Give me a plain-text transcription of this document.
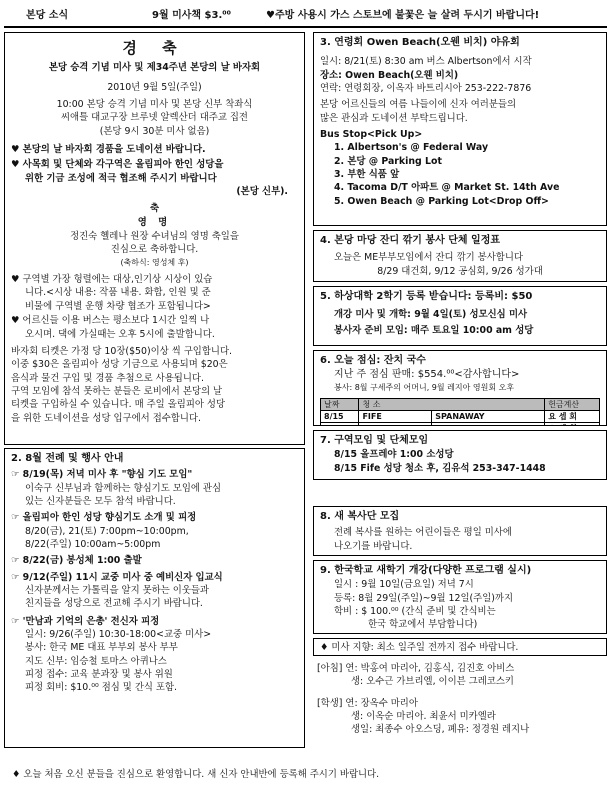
본당 소식	9월 미사책 $3.⁰⁰	♥주방 사용시 가스 스토브에 불꽃은 늘 살려 두시기 바랍니다!
경 축
본당 승격 기념 미사 및 제34주년 본당의 날 바자회
2010년 9월 5일(주일)
10:00 본당 승격 기념 미사 및 본당 신부 착좌식
씨애틀 대교구장 브루넷 알렉산더 대주교 집전
(본당 9시 30분 미사 없음)
♥ 본당의 날 바자회 경품을 도네이션 바랍니다.
♥ 사목회 및 단체와 각구역은 올림피아 한인 성당을
위한 기금 조성에 적극 협조해 주시기 바랍니다
(본당 신부).
축
영 명
정진숙 헬레나 원장 수녀님의 영명 축일을
진심으로 축하합니다.
(축하식: 영성체 후)
♥ 구역별 가장 헝렬에는 대상,인기상 시상이 있습
니다.<시상 내용: 작품 내용. 화합, 인원 및 준
비물에 구역별 운행 차량 협조가 포함됩니다>
♥ 어르신들 이용 버스는 평소보다 1시간 일찍 나
오시며. 댁에 가실때는 오후 5시에 출발합니다.
바자회 티켓은 가정 당 10장($50)이상 씩 구입합니다.
이중 $30은 올림피아 성당 기금으로 사용되며 $20은
음식과 물건 구입 및 경품 추첨으로 사용됩니다.
구역 모임에 참석 못하는 분들은 로비에서 본당의 날
티켓을 구입하실 수 있습니다. 매 주일 올림피아 성당
을 위한 도네이션을 성당 입구에서 접수합니다.
2. 8월 전례 및 행사 안내
☞ 8/19(목) 저녁 미사 후 "향심 기도 모임"
이숙구 신부님과 함께하는 향심기도 모임에 관심
있는 신자분들은 모두 참석 바랍니다.
☞ 올림피아 한인 성당 향심기도 소개 및 피정
8/20(금), 21(토) 7:00pm~10:00pm,
8/22(주일) 10:00am~5:00pm
☞ 8/22(금) 봉성체 1:00 출발
☞ 9/12(주일) 11시 교중 미사 중 예비신자 입교식
신자분께서는 가톨릭을 알지 못하는 이웃들과
친지들을 성당으로 전교해 주시기 바랍니다.
☞ '만남과 기억의 은총' 전신자 피정
일시: 9/26(주일) 10:30-18:00<교중 미사>
봉사: 한국 ME 대표 부부외 봉사 부부
지도 신부: 임승철 토마스 아퀴나스
피정 접수: 교육 분과장 및 봉사 위원
피정 회비: $10.⁰⁰ 점심 및 간식 포함.
3. 연령회 Owen Beach(오웬 비치) 야유회
일시: 8/21(토) 8:30 am 버스 Albertson에서 시작
장소: Owen Beach(오웬 비치)
연락: 연령회장, 이옥자 바트리시아 253-222-7876
본당 어르신들의 여름 나들이에 신자 여러분들의
많은 관심과 도네이션 부탁드립니다.
Bus Stop<Pick Up>
1. Albertson's @ Federal Way
2. 본당 @ Parking Lot
3. 부한 식품 앞
4. Tacoma D/T 아파트 @ Market St. 14th Ave
5. Owen Beach @ Parking Lot<Drop Off>
4. 본당 마당 잔디 깎기 봉사 단체 일정표
오늘은 ME부부모임에서 잔디 깎기 봉사합니다
8/29 대건회, 9/12 공심회, 9/26 성가대
5. 하상대학 2학기 등록 받습니다: 등록비: $50
개강 미사 및 개학: 9월 4일(토) 성모신심 미사
봉사자 준비 모임: 매주 토요일 10:00 am 성당
6. 오늘 점심: 잔치 국수
지난 주 점심 판매: $554.⁰⁰<감사합니다>
봉사: 8월 구세주의 어머니, 9월 레지아 영원회 오후
날짜	청 소		헌금계산
8/15	FIFE	SPANAWAY	요 셉 회

7. 구역모임 및 단체모임
8/15 올프레야 1:00 소성당
8/15 Fife 성당 청소 후, 김유석 253-347-1448
8. 새 복사단 모집
전례 복사를 원하는 어린이들은 평일 미사에
나오기를 바랍니다.
9. 한국학교 새학기 개강(다양한 프로그램 실시)
일시 : 9월 10일(금요일) 저녁 7시
등록: 8월 29일(주일)~9월 12일(주일)까지
학비 : $ 100.⁰⁰ (간식 준비 및 간식비는
한국 학교에서 부담합니다)
♦ 미사 지향: 최소 일주일 전까지 접수 바랍니다.
[아침] 연: 박홍여 마리아, 김홍식, 김진호 아비스
생: 오수근 가브리엘, 이이븐 그레코스키
[학생] 연: 장옥수 마리아
생: 이옥순 마리아. 최윤서 미카엘라
생일: 최종수 아오스딩, 폐유: 정경원 레지나
♦ 오늘 처음 오신 분들을 진심으로 환영합니다. 새 신자 안내반에 등록해 주시기 바랍니다.
